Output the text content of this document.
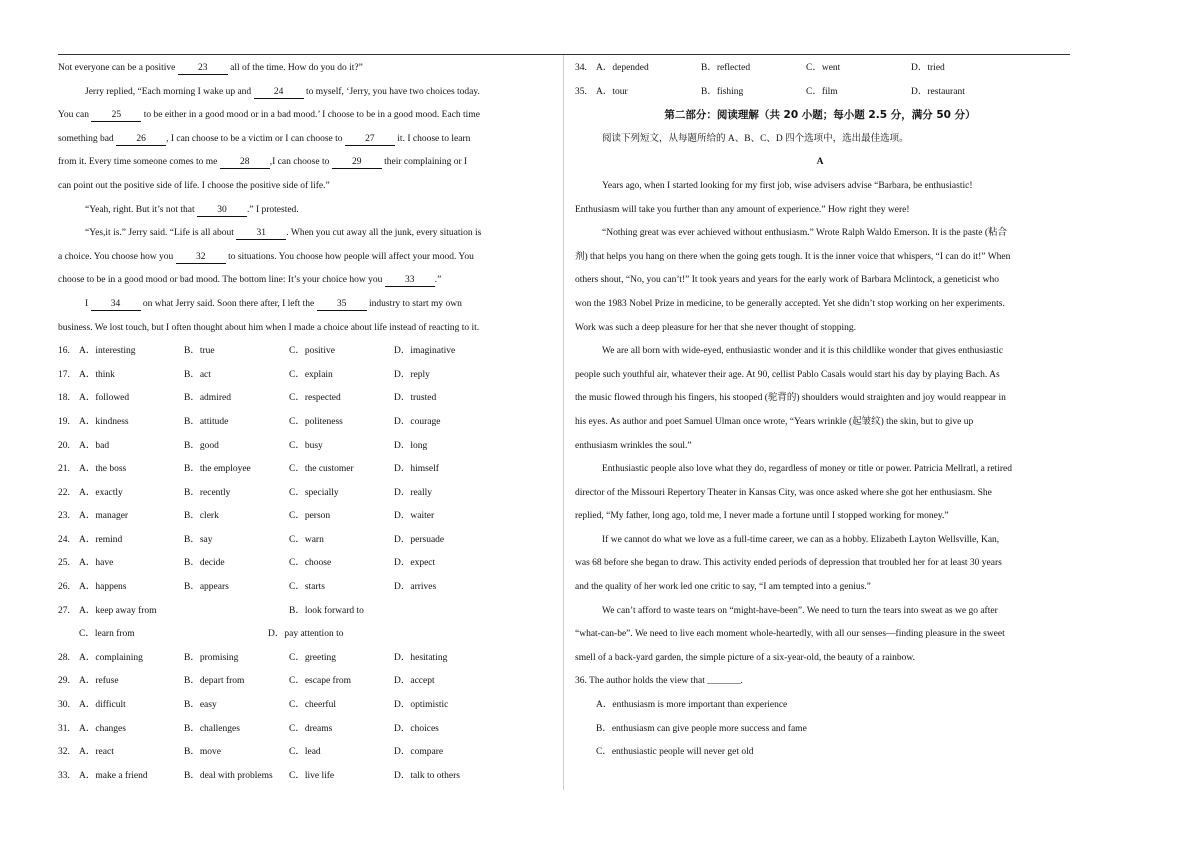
Not everyone can be a positive 23 all of the time. How do you do it?”
Jerry replied, “Each morning I wake up and 24 to myself, ‘Jerry, you have two choices today.
You can 25 to be either in a good mood or in a bad mood.’ I choose to be in a good mood. Each time
something bad 26 , I can choose to be a victim or I can choose to 27 it. I choose to learn
from it. Every time someone comes to me 28 ,I can choose to 29 their complaining or I
can point out the positive side of life. I choose the positive side of life.”
“Yeah, right. But it’s not that 30 .” I protested.
“Yes,it is.” Jerry said. “Life is all about 31 . When you cut away all the junk, every situation is
a choice. You choose how you 32 to situations. You choose how people will affect your mood. You
choose to be in a good mood or bad mood. The bottom line: It’s your choice how you 33 .”
I 34 on what Jerry said. Soon there after, I left the 35 industry to start my own
business. We lost touch, but I often thought about him when I made a choice about life instead of reacting to it.
16. A．interesting	B．true	C．positive	D．imaginative
17. A．think	B．act	C．explain	D．reply
18. A．followed	B．admired	C．respected	D．trusted
19. A．kindness	B．attitude	C．politeness	D．courage
20. A．bad	B．good	C．busy	D．long
21. A．the boss	B．the employee	C．the customer	D．himself
22. A．exactly	B．recently	C．specially	D．really
23. A．manager	B．clerk	C．person	D．waiter
24. A．remind	B．say	C．warn	D．persuade
25. A．have	B．decide	C．choose	D．expect
26. A．happens	B．appears	C．starts	D．arrives
27. A．keep away from	B．look forward to
C．learn from	D．pay attention to
28. A．complaining	B．promising	C．greeting	D．hesitating
29. A．refuse	B．depart from	C．escape from	D．accept
30. A．difficult	B．easy	C．cheerful	D．optimistic
31. A．changes	B．challenges	C．dreams	D．choices
32. A．react	B．move	C．lead	D．compare
33. A．make a friend	B．deal with problems	C．live life	D．talk to others
34. A．depended	B．reflected	C．went	D．tried
35. A．tour	B．fishing	C．film	D．restaurant
第二部分：阅读理解（共 20 小题；每小题 2.5 分，满分 50 分）
阅读下列短文，从每题所给的 A、B、C、D 四个选项中，选出最佳选项。
A
Years ago, when I started looking for my first job, wise advisers advise “Barbara, be enthusiastic!
Enthusiasm will take you further than any amount of experience.” How right they were!
“Nothing great was ever achieved without enthusiasm.” Wrote Ralph Waldo Emerson. It is the paste (粘合
剂) that helps you hang on there when the going gets tough. It is the inner voice that whispers, “I can do it!” When
others shout, “No, you can’t!” It took years and years for the early work of Barbara Mclintock, a geneticist who
won the 1983 Nobel Prize in medicine, to be generally accepted. Yet she didn’t stop working on her experiments.
Work was such a deep pleasure for her that she never thought of stopping.
We are all born with wide-eyed, enthusiastic wonder and it is this childlike wonder that gives enthusiastic
people such youthful air, whatever their age. At 90, cellist Pablo Casals would start his day by playing Bach. As
the music flowed through his fingers, his stooped (驼背的) shoulders would straighten and joy would reappear in
his eyes. As author and poet Samuel Ulman once wrote, “Years wrinkle (起皱纹) the skin, but to give up
enthusiasm wrinkles the soul.”
Enthusiastic people also love what they do, regardless of money or title or power. Patricia Mellratl, a retired
director of the Missouri Repertory Theater in Kansas City, was once asked where she got her enthusiasm. She
replied, “My father, long ago, told me, I never made a fortune until I stopped working for money.”
If we cannot do what we love as a full-time career, we can as a hobby. Elizabeth Layton Wellsville, Kan,
was 68 before she began to draw. This activity ended periods of depression that troubled her for at least 30 years
and the quality of her work led one critic to say, “I am tempted into a genius.”
We can’t afford to waste tears on “might-have-been”. We need to turn the tears into sweat as we go after
“what-can-be”. We need to live each moment whole-heartedly, with all our senses—finding pleasure in the sweet
smell of a back-yard garden, the simple picture of a six-year-old, the beauty of a rainbow.
36. The author holds the view that _______.
A．enthusiasm is more important than experience
B．enthusiasm can give people more success and fame
C．enthusiastic people will never get old
